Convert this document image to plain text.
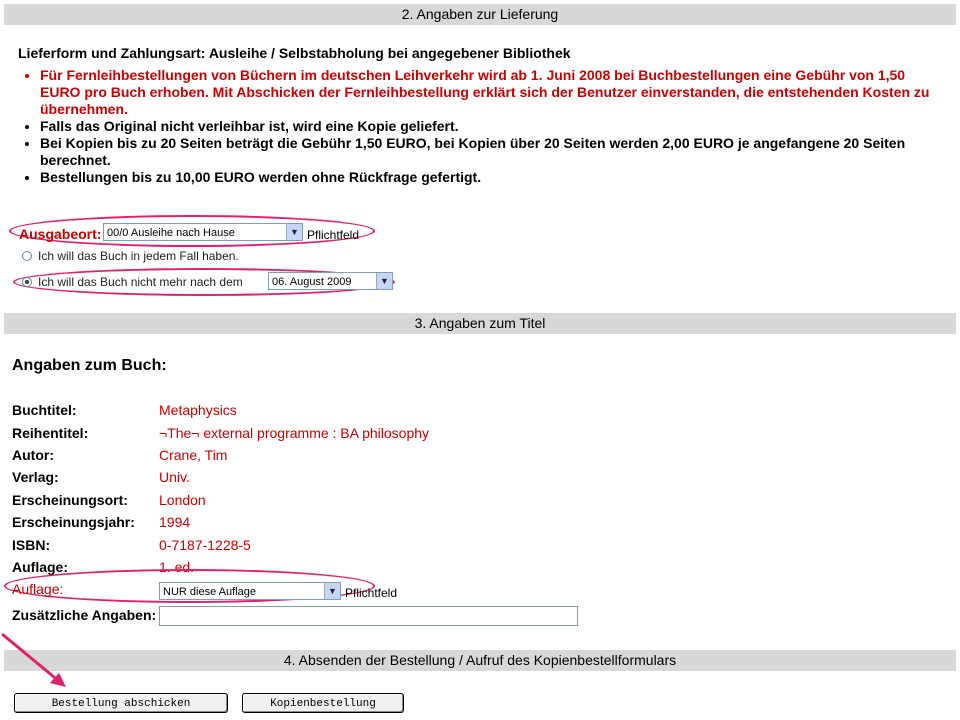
2. Angaben zur Lieferung
Lieferform und Zahlungsart: Ausleihe / Selbstabholung bei angegebener Bibliothek
• Für Fernleihbestellungen von Büchern im deutschen Leihverkehr wird ab 1. Juni 2008 bei Buchbestellungen eine Gebühr von 1,50 EURO pro Buch erhoben. Mit Abschicken der Fernleihbestellung erklärt sich der Benutzer einverstanden, die entstehenden Kosten zu übernehmen.
• Falls das Original nicht verleihbar ist, wird eine Kopie geliefert.
• Bei Kopien bis zu 20 Seiten beträgt die Gebühr 1,50 EURO, bei Kopien über 20 Seiten werden 2,00 EURO je angefangene 20 Seiten berechnet.
• Bestellungen bis zu 10,00 EURO werden ohne Rückfrage gefertigt.
Ausgabeort: 00/0 Ausleihe nach Hause	▼ Pflichtfeld
Ich will das Buch in jedem Fall haben.
Ich will das Buch nicht mehr nach dem	06. August 2009	▼
3. Angaben zum Titel
Angaben zum Buch:
Buchtitel:	Metaphysics
Reihentitel:	¬The¬ external programme : BA philosophy
Autor:	Crane, Tim
Verlag:	Univ.
Erscheinungsort: London
Erscheinungsjahr: 1994
ISBN:	0-7187-1228-5
Auflage:	1. ed.
Auflage:	NUR diese Auflage	▼ Pflichtfeld
Zusätzliche Angaben:
4. Absenden der Bestellung / Aufruf des Kopienbestellformulars
Bestellung abschicken	Kopienbestellung
